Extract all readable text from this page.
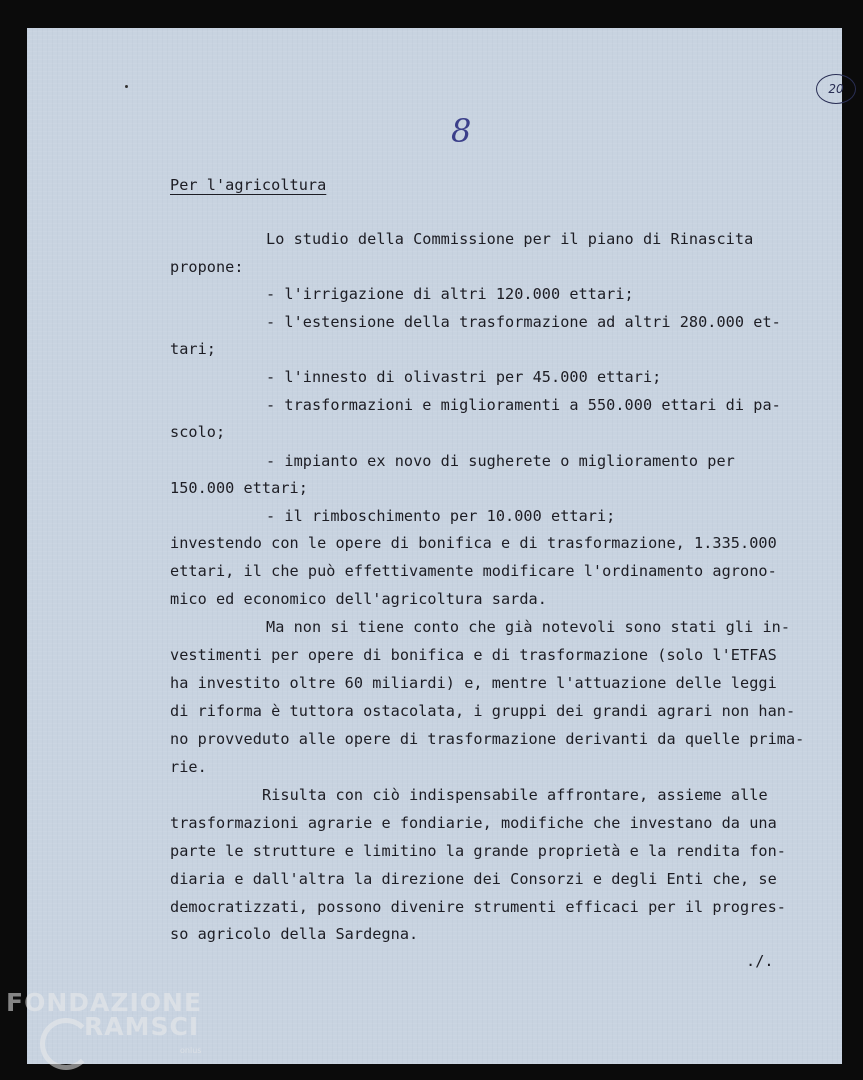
8
20
Per l'agricoltura
Lo studio della Commissione per il piano di Rinascita
propone:
- l'irrigazione di altri 120.000 ettari;
- l'estensione della trasformazione ad altri 280.000 et-
tari;
- l'innesto di olivastri per 45.000 ettari;
- trasformazioni e miglioramenti a 550.000 ettari di pa-
scolo;
- impianto ex novo di sugherete o miglioramento per
150.000 ettari;
- il rimboschimento per 10.000 ettari;
investendo con le opere di bonifica e di trasformazione, 1.335.000
ettari, il che può effettivamente modificare l'ordinamento agrono-
mico ed economico dell'agricoltura sarda.
Ma non si tiene conto che già notevoli sono stati gli in-
vestimenti per opere di bonifica e di trasformazione (solo l'ETFAS
ha investito oltre 60 miliardi) e, mentre l'attuazione delle leggi
di riforma è tuttora ostacolata, i gruppi dei grandi agrari non han-
no provveduto alle opere di trasformazione derivanti da quelle prima-
rie.
Risulta con ciò indispensabile affrontare, assieme alle
trasformazioni agrarie e fondiarie, modifiche che investano da una
parte le strutture e limitino la grande proprietà e la rendita fon-
diaria e dall'altra la direzione dei Consorzi e degli Enti che, se
democratizzati, possono divenire strumenti efficaci per il progres-
so agricolo della Sardegna.
./.
FONDAZIONE
RAMSCI
onlus
